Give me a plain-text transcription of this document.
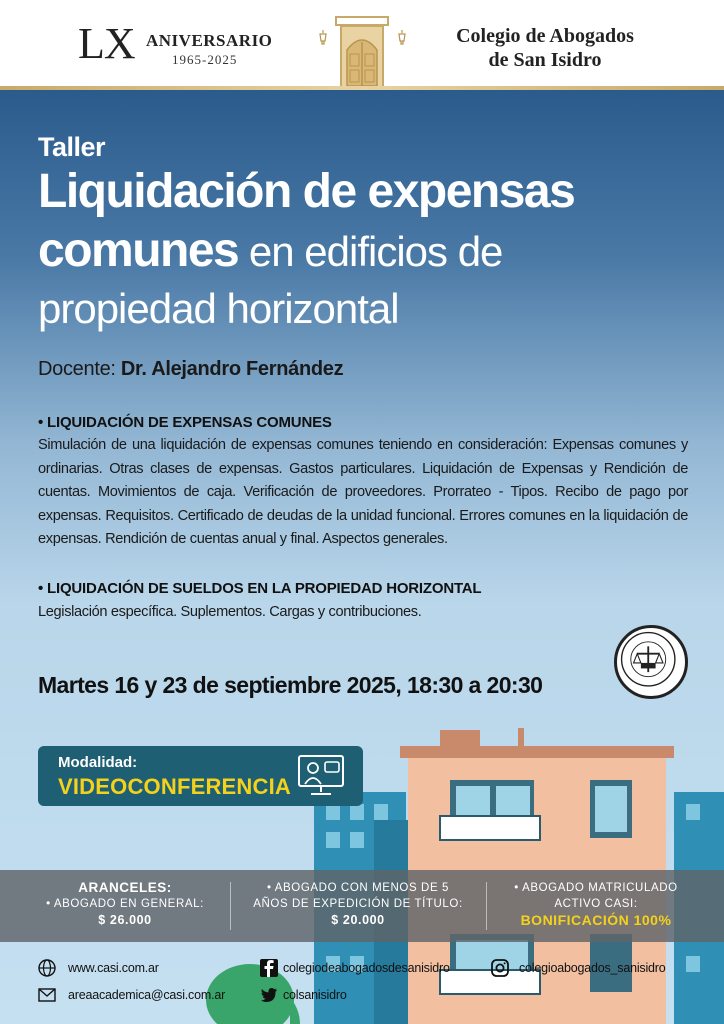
LX ANIVERSARIO
1965-2025
Colegio de Abogados
de San Isidro
Taller
Liquidación de expensas
comunes en edificios de
propiedad horizontal
Docente: Dr. Alejandro Fernández
• LIQUIDACIÓN DE EXPENSAS COMUNES
Simulación de una liquidación de expensas comunes teniendo en consideración: Expensas comunes y ordinarias. Otras clases de expensas. Gastos particulares. Liquidación de Expensas y Rendición de cuentas. Movimientos de caja. Verificación de proveedores. Prorrateo - Tipos. Recibo de pago por expensas. Requisitos. Certificado de deudas de la unidad funcional. Errores comunes en la liquidación de expensas. Rendición de cuentas anual y final. Aspectos generales.
• LIQUIDACIÓN DE SUELDOS EN LA PROPIEDAD HORIZONTAL
Legislación específica. Suplementos. Cargas y contribuciones.
Martes 16 y 23 de septiembre 2025, 18:30 a 20:30
Modalidad:
VIDEOCONFERENCIA
ARANCELES:
• ABOGADO EN GENERAL:
$ 26.000
• ABOGADO CON MENOS DE 5
AÑOS DE EXPEDICIÓN DE TÍTULO:
$ 20.000
• ABOGADO MATRICULADO
ACTIVO CASI:
BONIFICACIÓN 100%
www.casi.com.ar
areaacademica@casi.com.ar
colegiodeabogadosdesanisidro
colsanisidro
colegioabogados_sanisidro
